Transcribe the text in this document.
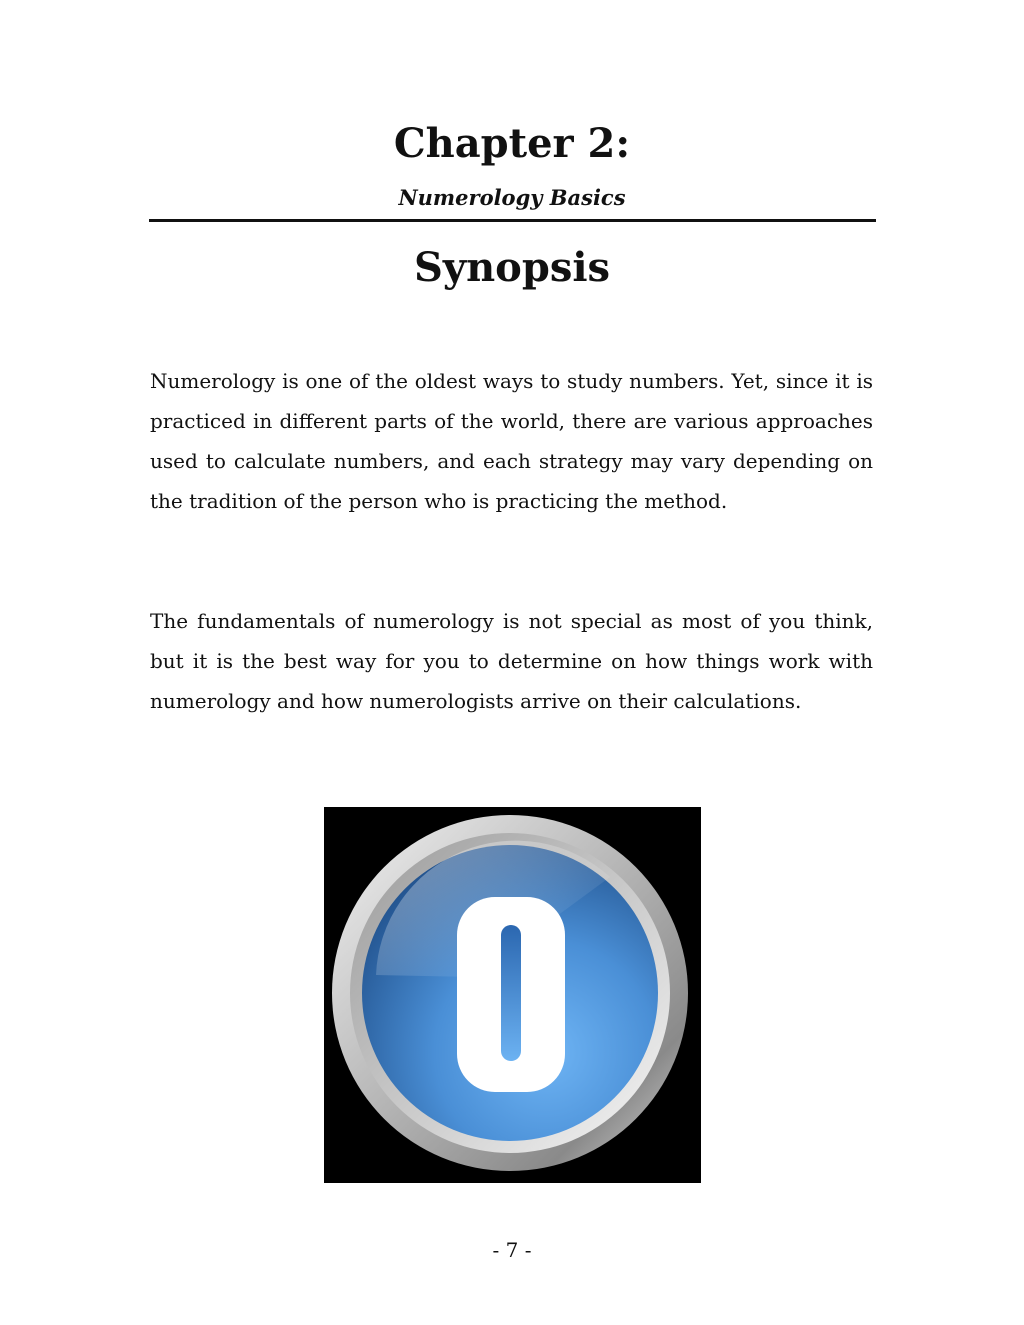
Chapter 2:
Numerology Basics
Synopsis

Numerology is one of the oldest ways to study numbers. Yet, since it is practiced in different parts of the world, there are various approaches used to calculate numbers, and each strategy may vary depending on the tradition of the person who is practicing the method.

The fundamentals of numerology is not special as most of you think, but it is the best way for you to determine on how things work with numerology and how numerologists arrive on their calculations.

- 7 -
